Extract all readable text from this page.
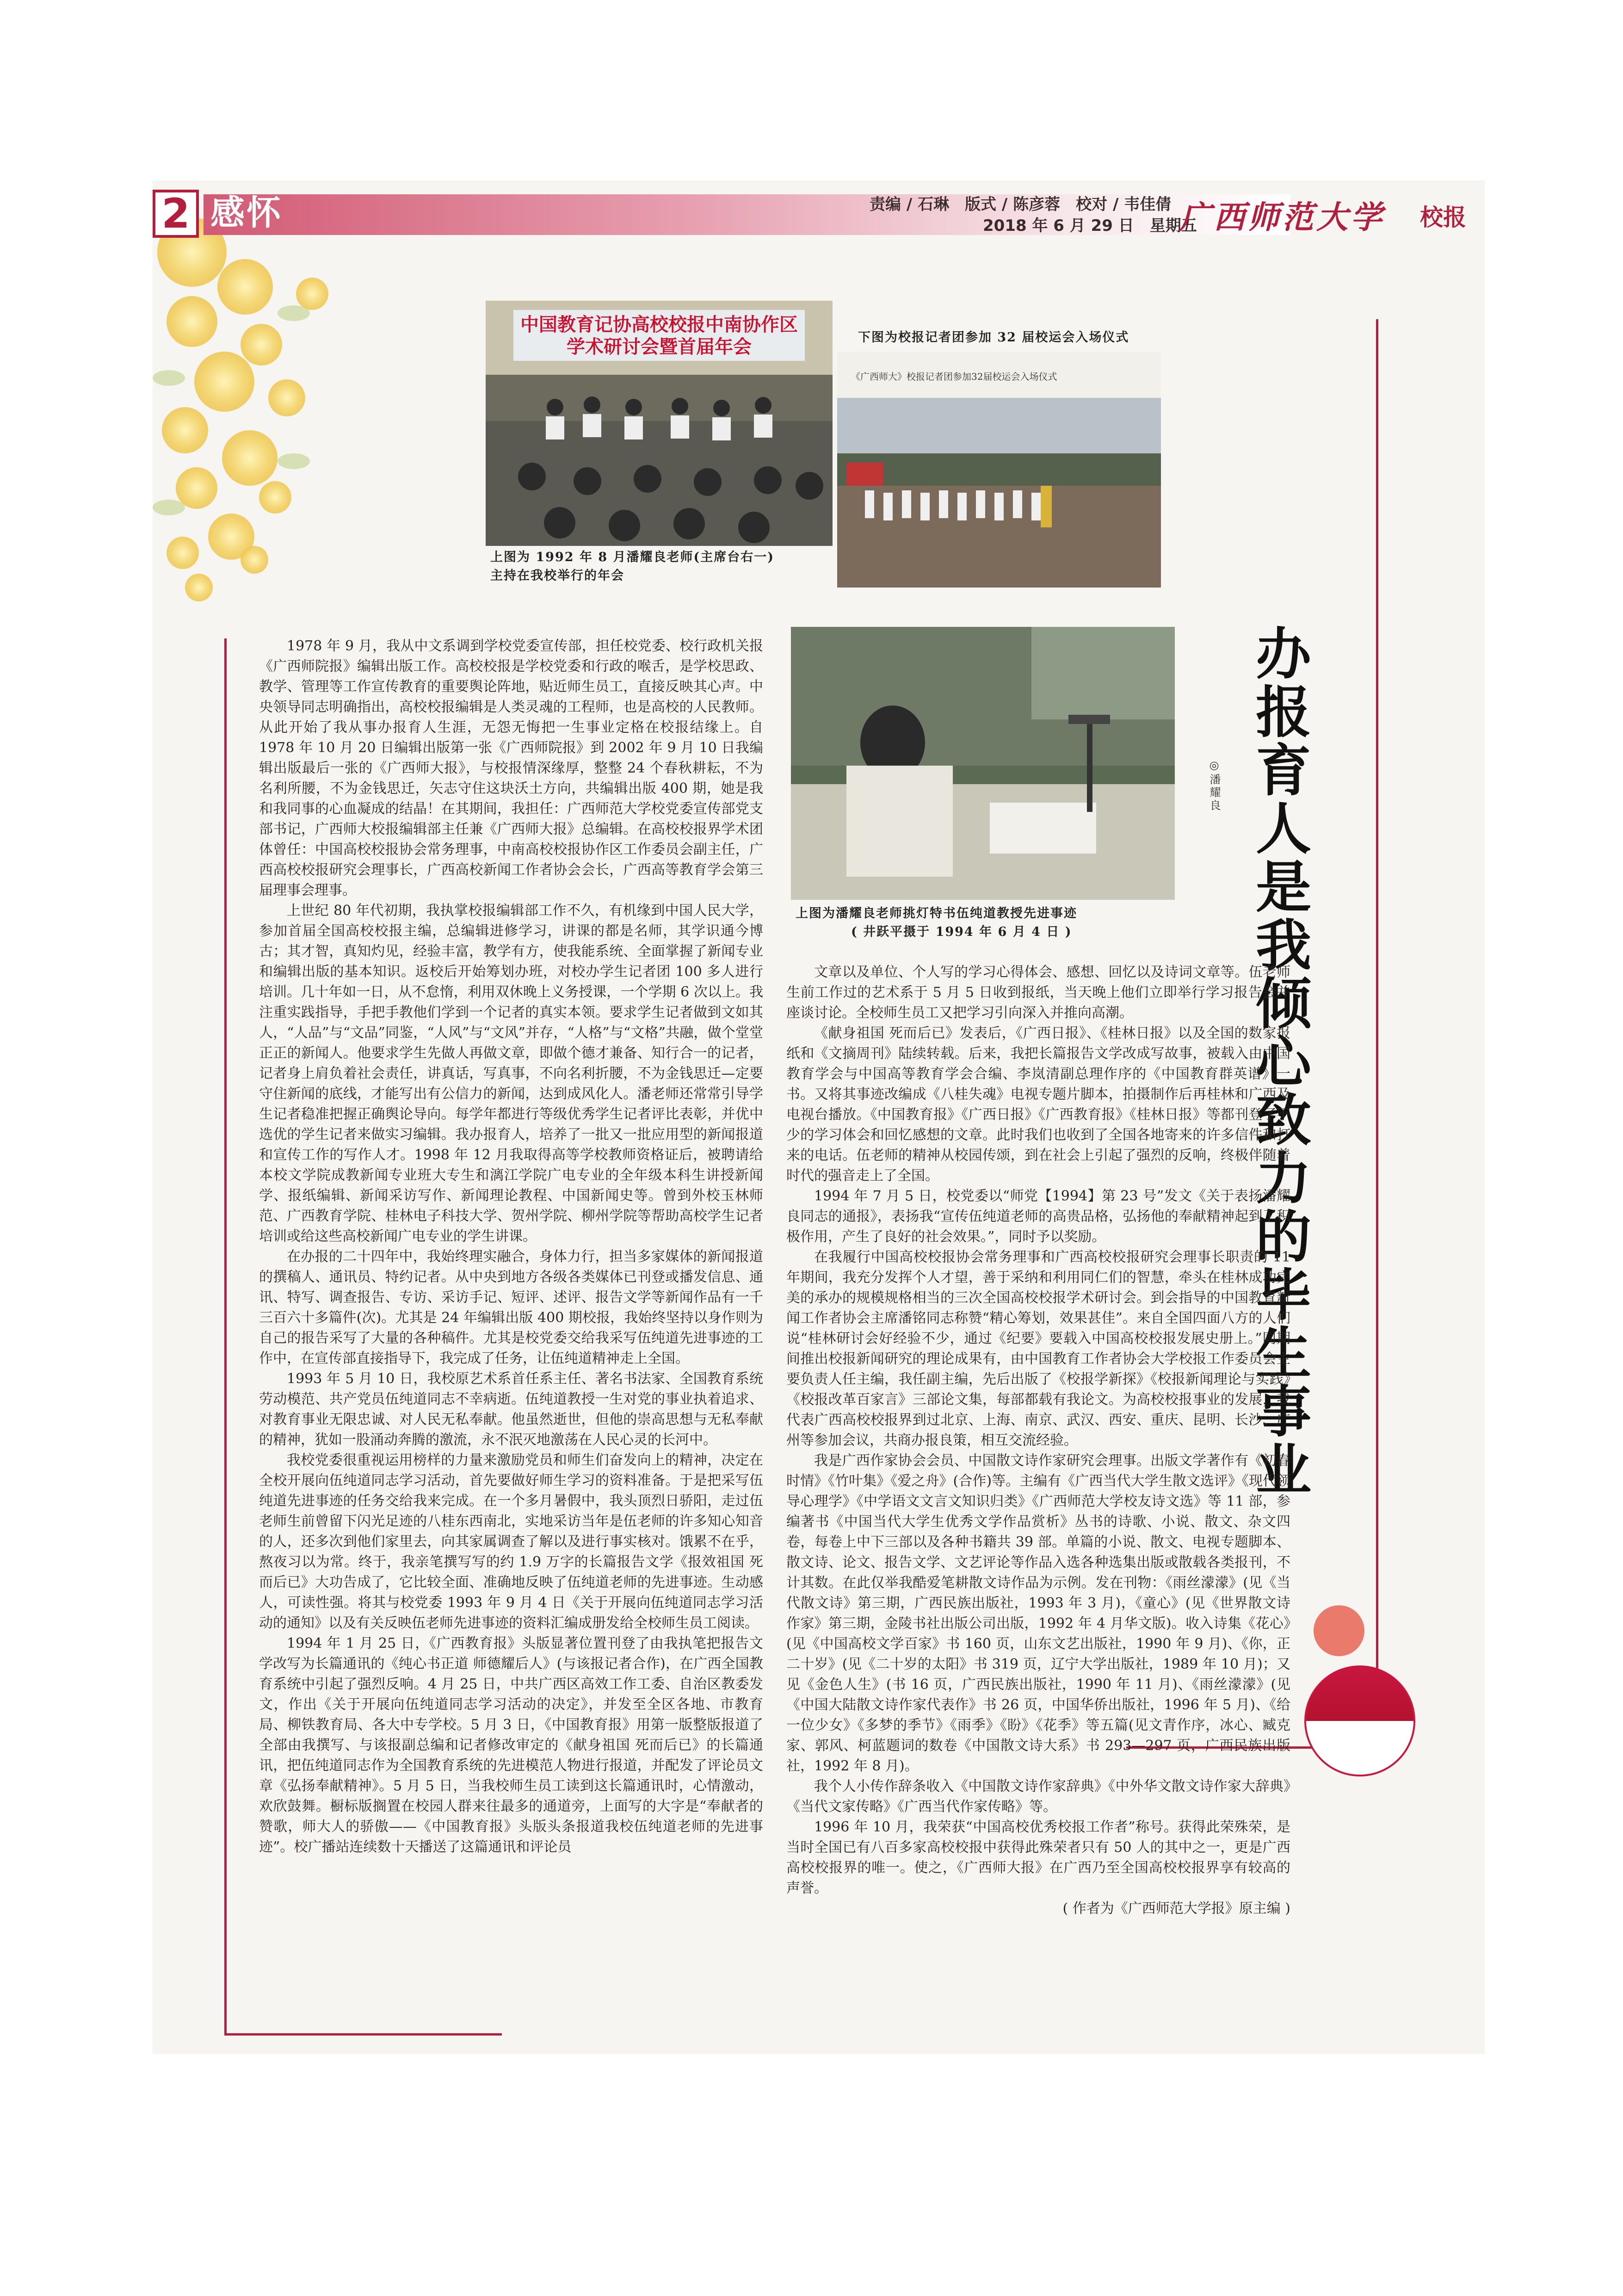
2 感怀	责编 / 石琳　版式 / 陈彦蓉　校对 / 韦佳倩
2018 年 6 月 29 日　星期五
广西师范大学 校报
中国教育记协高校校报中南协作区 学术研讨会暨首届年会
上图为 1992 年 8 月潘耀良老师(主席台右一)
主持在我校举行的年会
下图为校报记者团参加 32 届校运会入场仪式
《广西师大》校报记者团参加32届校运会入场仪式
上图为潘耀良老师挑灯特书伍纯道教授先进事迹
( 井跃平摄于 1994 年 6 月 4 日 )	办报育人是我倾心致力的毕生事业
◎潘耀良

1978 年 9 月，我从中文系调到学校党委宣传部，担任校党委、校行政机关报《广西师院报》编辑出版工作。高校校报是学校党委和行政的喉舌，是学校思政、教学、管理等工作宣传教育的重要舆论阵地，贴近师生员工，直接反映其心声。中央领导同志明确指出，高校校报编辑是人类灵魂的工程师，也是高校的人民教师。从此开始了我从事办报育人生涯，无怨无悔把一生事业定格在校报结缘上。自 1978 年 10 月 20 日编辑出版第一张《广西师院报》到 2002 年 9 月 10 日我编辑出版最后一张的《广西师大报》，与校报情深缘厚，整整 24 个春秋耕耘，不为名利所腰，不为金钱思迁，矢志守住这块沃土方向，共编辑出版 400 期，她是我和我同事的心血凝成的结晶！在其期间，我担任：广西师范大学校党委宣传部党支部书记，广西师大校报编辑部主任兼《广西师大报》总编辑。在高校校报界学术团体曾任：中国高校校报协会常务理事，中南高校校报协作区工作委员会副主任，广西高校校报研究会理事长，广西高校新闻工作者协会会长，广西高等教育学会第三届理事会理事。

上世纪 80 年代初期，我执掌校报编辑部工作不久，有机缘到中国人民大学，参加首届全国高校校报主编，总编辑进修学习，讲课的都是名师，其学识通今博古；其才智，真知灼见，经验丰富，教学有方，使我能系统、全面掌握了新闻专业和编辑出版的基本知识。返校后开始筹划办班，对校办学生记者团 100 多人进行培训。几十年如一日，从不怠惰，利用双休晚上义务授课，一个学期 6 次以上。我注重实践指导，手把手教他们学到一个记者的真实本领。要求学生记者做到文如其人，“人品”与“文品”同鉴，“人风”与“文风”并存，“人格”与“文格”共融，做个堂堂正正的新闻人。他要求学生先做人再做文章，即做个德才兼备、知行合一的记者，记者身上肩负着社会责任，讲真话，写真事，不向名利折腰，不为金钱思迁—定要守住新闻的底线，才能写出有公信力的新闻，达到成风化人。潘老师还常常引导学生记者稳准把握正确舆论导向。每学年都进行等级优秀学生记者评比表彰，并优中选优的学生记者来做实习编辑。我办报育人，培养了一批又一批应用型的新闻报道和宣传工作的写作人才。1998 年 12 月我取得高等学校教师资格证后，被聘请给本校文学院成教新闻专业班大专生和漓江学院广电专业的全年级本科生讲授新闻学、报纸编辑、新闻采访写作、新闻理论教程、中国新闻史等。曾到外校玉林师范、广西教育学院、桂林电子科技大学、贺州学院、柳州学院等帮助高校学生记者培训或给这些高校新闻广电专业的学生讲课。

在办报的二十四年中，我始终理实融合，身体力行，担当多家媒体的新闻报道的撰稿人、通讯员、特约记者。从中央到地方各级各类媒体已刊登或播发信息、通讯、特写、调查报告、专访、采访手记、短评、述评、报告文学等新闻作品有一千三百六十多篇件(次)。尤其是 24 年编辑出版 400 期校报，我始终坚持以身作则为自己的报告采写了大量的各种稿件。尤其是校党委交给我采写伍纯道先进事迹的工作中，在宣传部直接指导下，我完成了任务，让伍纯道精神走上全国。

1993 年 5 月 10 日，我校原艺术系首任系主任、著名书法家、全国教育系统劳动模范、共产党员伍纯道同志不幸病逝。伍纯道教授一生对党的事业执着追求、对教育事业无限忠诚、对人民无私奉献。他虽然逝世，但他的崇高思想与无私奉献的精神，犹如一股涌动奔腾的激流，永不泯灭地激荡在人民心灵的长河中。

我校党委很重视运用榜样的力量来激励党员和师生们奋发向上的精神，决定在全校开展向伍纯道同志学习活动，首先要做好师生学习的资料准备。于是把采写伍纯道先进事迹的任务交给我来完成。在一个多月暑假中，我头顶烈日骄阳，走过伍老师生前曾留下闪光足迹的八桂东西南北，实地采访当年是伍老师的许多知心知音的人，还多次到他们家里去，向其家属调查了解以及进行事实核对。饿累不在乎，熬夜习以为常。终于，我亲笔撰写写的约 1.9 万字的长篇报告文学《报效祖国 死而后已》大功告成了，它比较全面、准确地反映了伍纯道老师的先进事迹。生动感人，可读性强。将其与校党委 1993 年 9 月 4 日《关于开展向伍纯道同志学习活动的通知》以及有关反映伍老师先进事迹的资料汇编成册发给全校师生员工阅读。

1994 年 1 月 25 日，《广西教育报》头版显著位置刊登了由我执笔把报告文学改写为长篇通讯的《纯心书正道 师德耀后人》(与该报记者合作)，在广西全国教育系统中引起了强烈反响。4 月 25 日，中共广西区高效工作工委、自治区教委发文，作出《关于开展向伍纯道同志学习活动的决定》，并发至全区各地、市教育局、柳铁教育局、各大中专学校。5 月 3 日，《中国教育报》用第一版整版报道了全部由我撰写、与该报副总编和记者修改审定的《献身祖国 死而后已》的长篇通讯，把伍纯道同志作为全国教育系统的先进模范人物进行报道，并配发了评论员文章《弘扬奉献精神》。5 月 5 日，当我校师生员工读到这长篇通讯时，心情激动，欢欣鼓舞。橱标版搁置在校园人群来往最多的通道旁，上面写的大字是“奉献者的赞歌，师大人的骄傲——《中国教育报》头版头条报道我校伍纯道老师的先进事迹”。校广播站连续数十天播送了这篇通讯和评论员

文章以及单位、个人写的学习心得体会、感想、回忆以及诗词文章等。伍老师生前工作过的艺术系于 5 月 5 日收到报纸，当天晚上他们立即举行学习报告会并座谈讨论。全校师生员工又把学习引向深入并推向高潮。

《献身祖国 死而后已》发表后，《广西日报》、《桂林日报》以及全国的数家报纸和《文摘周刊》陆续转载。后来，我把长篇报告文学改成写故事，被载入由中国教育学会与中国高等教育学会合编、李岚清副总理作序的《中国教育群英谱》一书。又将其事迹改编成《八桂失魂》电视专题片脚本，拍摄制作后再桂林和广西及电视台播放。《中国教育报》《广西日报》《广西教育报》《桂林日报》等都刊登了不少的学习体会和回忆感想的文章。此时我们也收到了全国各地寄来的许多信件和打来的电话。伍老师的精神从校园传颂，到在社会上引起了强烈的反响，终极伴随着时代的强音走上了全国。

1994 年 7 月 5 日，校党委以“师党【1994】第 23 号”发文《关于表扬潘耀良同志的通报》，表扬我“宣传伍纯道老师的高贵品格，弘扬他的奉献精神起到了积极作用，产生了良好的社会效果。”，同时予以奖励。

在我履行中国高校校报协会常务理事和广西高校校报研究会理事长职责的 11 年期间，我充分发挥个人才望，善于采纳和利用同仁们的智慧，牵头在桂林成功完美的承办的规模规格相当的三次全国高校校报学术研讨会。到会指导的中国教育新闻工作者协会主席潘铭同志称赞“精心筹划，效果甚佳”。来自全国四面八方的人们说“桂林研讨会好经验不少，通过《纪要》要载入中国高校校报发展史册上。”同期间推出校报新闻研究的理论成果有，由中国教育工作者协会大学校报工作委员会主要负责人任主编，我任副主编，先后出版了《校报学新探》《校报新闻理论与实践》《校报改革百家言》三部论文集，每部都载有我论文。为高校校报事业的发展，我代表广西高校校报界到过北京、上海、南京、武汉、西安、重庆、昆明、长沙、广州等参加会议，共商办报良策，相互交流经验。

我是广西作家协会会员、中国散文诗作家研究会理事。出版文学著作有《初春时情》《竹叶集》《爱之舟》(合作)等。主编有《广西当代大学生散文选评》《现代领导心理学》《中学语文文言文知识归类》《广西师范大学校友诗文选》等 11 部，参编著书《中国当代大学生优秀文学作品赏析》丛书的诗歌、小说、散文、杂文四卷，每卷上中下三部以及各种书籍共 39 部。单篇的小说、散文、电视专题脚本、散文诗、论文、报告文学、文艺评论等作品入选各种选集出版或散载各类报刊，不计其数。在此仅举我酷爱笔耕散文诗作品为示例。发在刊物：《雨丝濛濛》(见《当代散文诗》第三期，广西民族出版社，1993 年 3 月)，《童心》(见《世界散文诗作家》第三期，金陵书社出版公司出版，1992 年 4 月华文版)。收入诗集《花心》(见《中国高校文学百家》书 160 页，山东文艺出版社，1990 年 9 月)、《你，正二十岁》(见《二十岁的太阳》书 319 页，辽宁大学出版社，1989 年 10 月)；又见《金色人生》(书 16 页，广西民族出版社，1990 年 11 月)、《雨丝濛濛》(见《中国大陆散文诗作家代表作》书 26 页，中国华侨出版社，1996 年 5 月)、《给一位少女》《多梦的季节》《雨季》《盼》《花季》等五篇(见文青作序，冰心、臧克家、郭风、柯蓝题词的数卷《中国散文诗大系》书 293—297 页，广西民族出版社，1992 年 8 月)。

我个人小传作辞条收入《中国散文诗作家辞典》《中外华文散文诗作家大辞典》《当代文家传略》《广西当代作家传略》等。

1996 年 10 月，我荣获“中国高校优秀校报工作者”称号。获得此荣殊荣，是当时全国已有八百多家高校校报中获得此殊荣者只有 50 人的其中之一，更是广西高校校报界的唯一。使之，《广西师大报》在广西乃至全国高校校报界享有较高的声誉。

( 作者为《广西师范大学报》原主编 )
